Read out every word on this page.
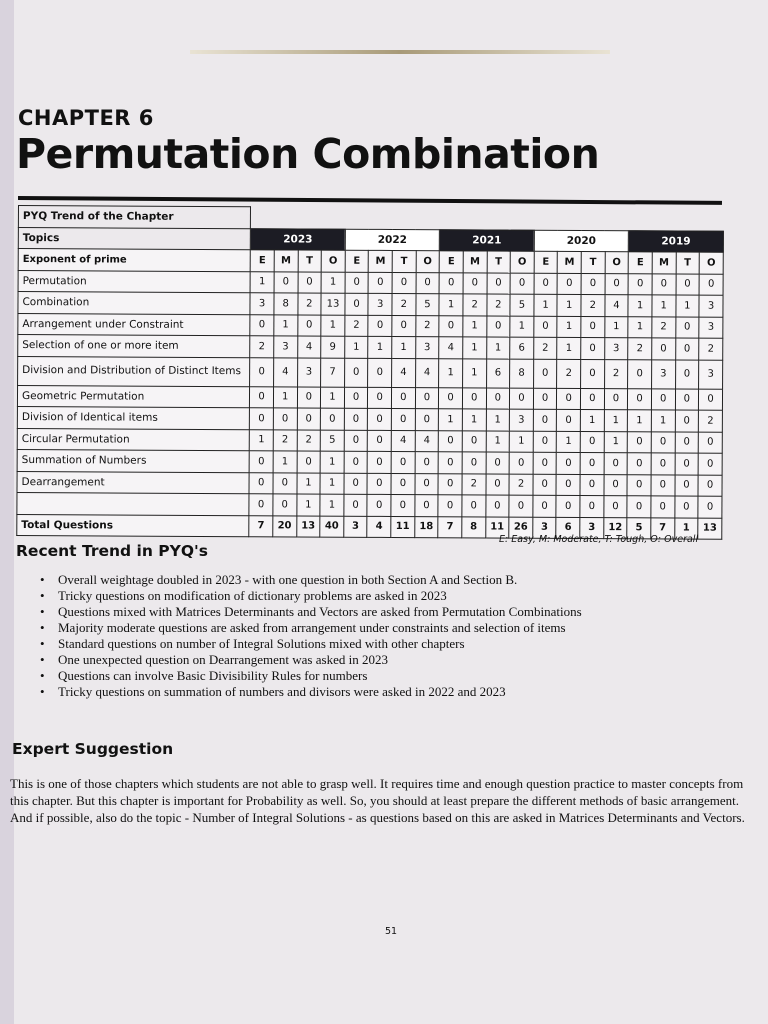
CHAPTER 6
Permutation Combination
PYQ Trend of the Chapter																				
Topics	2023				2022				2021				2020				2019			
Exponent of prime	E	M	T	O	E	M	T	O	E	M	T	O	E	M	T	O	E	M	T	O
Permutation	1	0	0	1	0	0	0	0	0	0	0	0	0	0	0	0	0	0	0	0
Combination	3	8	2	13	0	3	2	5	1	2	2	5	1	1	2	4	1	1	1	3
Arrangement under Constraint	0	1	0	1	2	0	0	2	0	1	0	1	0	1	0	1	1	2	0	3
Selection of one or more item	2	3	4	9	1	1	1	3	4	1	1	6	2	1	0	3	2	0	0	2
Division and Distribution of Distinct Items	0	4	3	7	0	0	4	4	1	1	6	8	0	2	0	2	0	3	0	3
Geometric Permutation	0	1	0	1	0	0	0	0	0	0	0	0	0	0	0	0	0	0	0	0
Division of Identical items	0	0	0	0	0	0	0	0	1	1	1	3	0	0	1	1	1	1	0	2
Circular Permutation	1	2	2	5	0	0	4	4	0	0	1	1	0	1	0	1	0	0	0	0
Summation of Numbers	0	1	0	1	0	0	0	0	0	0	0	0	0	0	0	0	0	0	0	0
Dearrangement	0	0	1	1	0	0	0	0	0	2	0	2	0	0	0	0	0	0	0	0
	0	0	1	1	0	0	0	0	0	0	0	0	0	0	0	0	0	0	0	0
Total Questions	7	20	13	40	3	4	11	18	7	8	11	26	3	6	3	12	5	7	1	13
E: Easy, M: Moderate, T: Tough, O: Overall
Recent Trend in PYQ's
• Overall weightage doubled in 2023 - with one question in both Section A and Section B.
• Tricky questions on modification of dictionary problems are asked in 2023
• Questions mixed with Matrices Determinants and Vectors are asked from Permutation Combinations
• Majority moderate questions are asked from arrangement under constraints and selection of items
• Standard questions on number of Integral Solutions mixed with other chapters
• One unexpected question on Dearrangement was asked in 2023
• Questions can involve Basic Divisibility Rules for numbers
• Tricky questions on summation of numbers and divisors were asked in 2022 and 2023
Expert Suggestion
This is one of those chapters which students are not able to grasp well. It requires time and enough question practice to master concepts from this chapter. But this chapter is important for Probability as well. So, you should at least prepare the different methods of basic arrangement. And if possible, also do the topic - Number of Integral Solutions - as questions based on this are asked in Matrices Determinants and Vectors.
51
